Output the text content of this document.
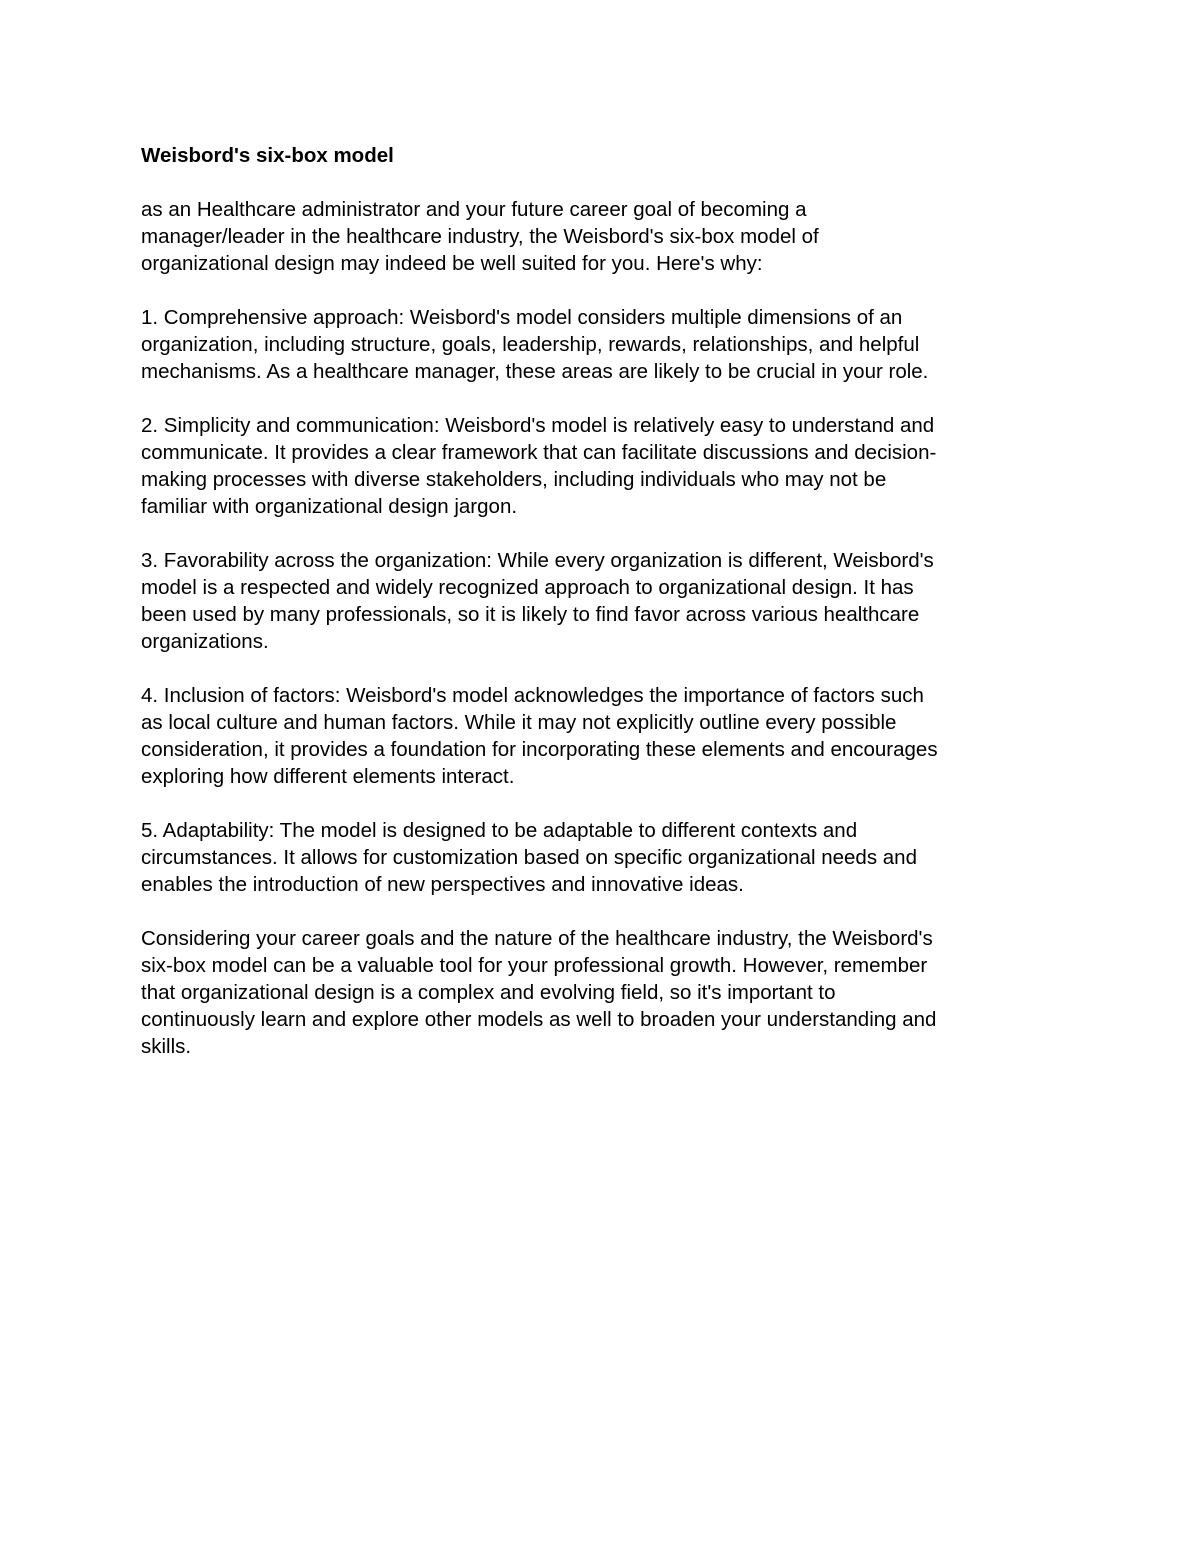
Weisbord's six-box model
as an Healthcare administrator and your future career goal of becoming a
manager/leader in the healthcare industry, the Weisbord's six-box model of
organizational design may indeed be well suited for you. Here's why:
1. Comprehensive approach: Weisbord's model considers multiple dimensions of an
organization, including structure, goals, leadership, rewards, relationships, and helpful
mechanisms. As a healthcare manager, these areas are likely to be crucial in your role.
2. Simplicity and communication: Weisbord's model is relatively easy to understand and
communicate. It provides a clear framework that can facilitate discussions and decision-
making processes with diverse stakeholders, including individuals who may not be
familiar with organizational design jargon.
3. Favorability across the organization: While every organization is different, Weisbord's
model is a respected and widely recognized approach to organizational design. It has
been used by many professionals, so it is likely to find favor across various healthcare
organizations.
4. Inclusion of factors: Weisbord's model acknowledges the importance of factors such
as local culture and human factors. While it may not explicitly outline every possible
consideration, it provides a foundation for incorporating these elements and encourages
exploring how different elements interact.
5. Adaptability: The model is designed to be adaptable to different contexts and
circumstances. It allows for customization based on specific organizational needs and
enables the introduction of new perspectives and innovative ideas.
Considering your career goals and the nature of the healthcare industry, the Weisbord's
six-box model can be a valuable tool for your professional growth. However, remember
that organizational design is a complex and evolving field, so it's important to
continuously learn and explore other models as well to broaden your understanding and
skills.
